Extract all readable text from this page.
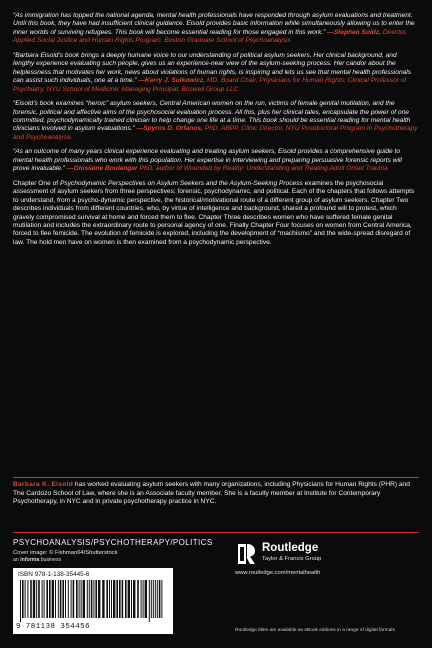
“As immigration has topped the national agenda, mental health professionals have responded through asylum evaluations and treatment. Until this book, they have had insufficient clinical guidance. Eisold provides basic information while simultaneously allowing us to enter the inner worlds of surviving refugees. This book will become essential reading for those engaged in this work.” —Stephen Soldz, Director, Applied Social Justice and Human Rights Program, Boston Graduate School of Psychoanalysis

“Barbara Eisold’s book brings a deeply humane voice to our understanding of political asylum seekers. Her clinical background, and lengthy experience evaluating such people, gives us an experience-near view of the asylum-seeking process. Her candor about the helplessness that motivates her work, news about violations of human rights, is inspiring and lets us see that mental health professionals can assist such individuals, one at a time.” —Kerry J. Sulkowicz, MD, Board Chair, Physicians for Human Rights; Clinical Professor of Psychiatry, NYU School of Medicine; Managing Principal, Boswell Group LLC

“Eisold’s book examines “heroic” asylum seekers, Central American women on the run, victims of female genital mutilation, and the forensic, political and affective aims of the psychosocial evaluation process. All this, plus her clinical tales, encapsulate the power of one committed, psychodynamically trained clinician to help change one life at a time. This book should be essential reading for mental health clinicians involved in asylum evaluations.” —Spyros D. Orfanos, PhD, ABPP, Clinic Director, NYU Postdoctoral Program in Psychotherapy and Psychoanalysis

“As an outcome of many years clinical experience evaluating and treating asylum seekers, Eisold provides a comprehensive guide to mental health professionals who work with this population. Her expertise in interviewing and preparing persuasive forensic reports will prove invaluable.” —Ghislaine Boulanger PhD, author of Wounded by Reality: Understanding and Treating Adult Onset Trauma

Chapter One of Psychodynamic Perspectives on Asylum Seekers and the Asylum-Seeking Process examines the psychosocial assessment of asylum seekers from three perspectives: forensic, psychodynamic, and political. Each of the chapters that follows attempts to understand, from a psycho-dynamic perspective, the historical/motivational route of a different group of asylum seekers. Chapter Two describes individuals from different countries, who, by virtue of intelligence and background, shared a profound will to protest, which gravely compromised survival at home and forced them to flee. Chapter Three describes women who have suffered female genital mutilation and includes the extraordinary route to personal agency of one. Finally Chapter Four focuses on women from Central America, forced to flee femicide. The evolution of femicide is explored, including the development of “machismo” and the wide-spread disregard of law. The hold men have on women is then examined from a psychodynamic perspective.

Barbara K. Eisold has worked evaluating asylum seekers with many organizations, including Physicians for Human Rights (PHR) and The Cardozo School of Law, where she is an Associate faculty member. She is a faculty member at Institute for Contemporary Psychotherapy, in NYC and in private psychotherapy practice in NYC.

PSYCHOANALYSIS/PSYCHOTHERAPY/POLITICS

Cover image: © Fishman64/Shutterstock
an informa business
ISBN 978-1-138-35445-6
9 781138 354456
Routledge
Taylor & Francis Group
www.routledge.com/mentalhealth
Routledge titles are available as eBook editions in a range of digital formats
